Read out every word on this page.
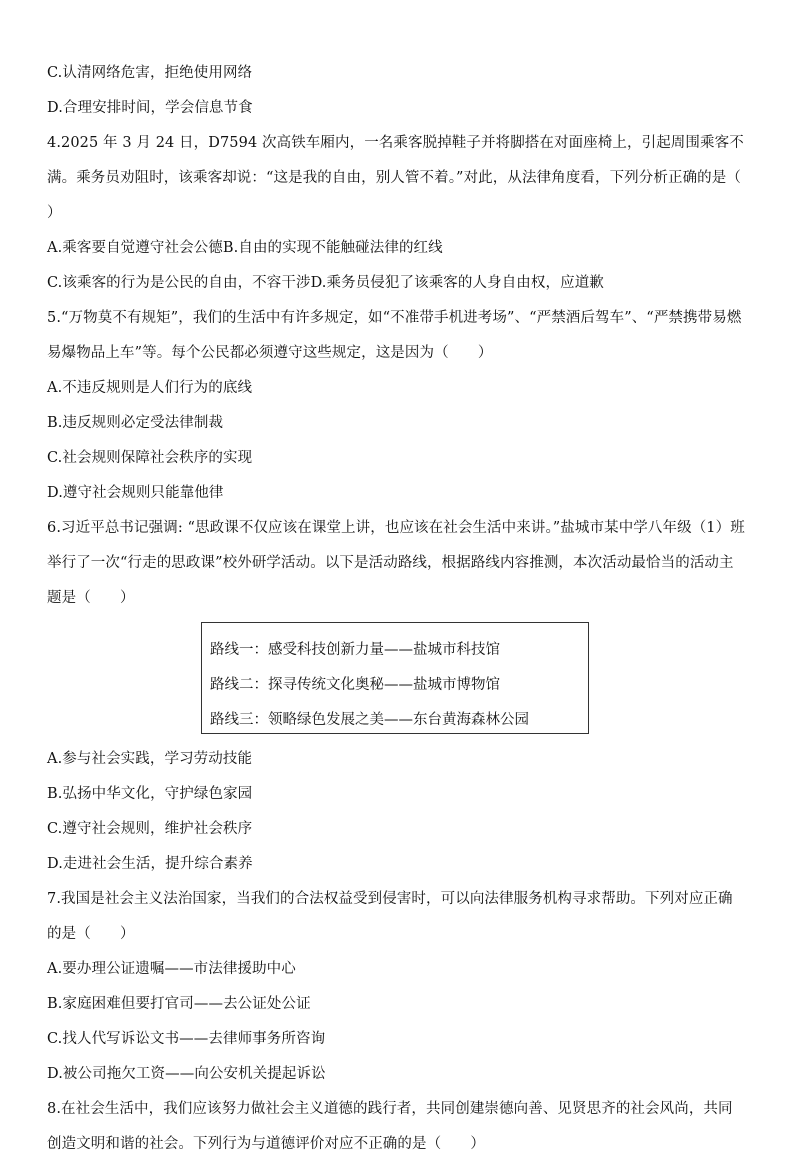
C.认清网络危害，拒绝使用网络

D.合理安排时间，学会信息节食

4.2025 年 3 月 24 日，D7594 次高铁车厢内，一名乘客脱掉鞋子并将脚搭在对面座椅上，引起周围乘客不满。乘务员劝阻时，该乘客却说：“这是我的自由，别人管不着。”对此，从法律角度看，下列分析正确的是（　　）

A.乘客要自觉遵守社会公德B.自由的实现不能触碰法律的红线

C.该乘客的行为是公民的自由，不容干涉D.乘务员侵犯了该乘客的人身自由权，应道歉

5.“万物莫不有规矩”，我们的生活中有许多规定，如“不准带手机进考场”、“严禁酒后驾车”、“严禁携带易燃易爆物品上车”等。每个公民都必须遵守这些规定，这是因为（　　）

A.不违反规则是人们行为的底线

B.违反规则必定受法律制裁

C.社会规则保障社会秩序的实现

D.遵守社会规则只能靠他律

6.习近平总书记强调: “思政课不仅应该在课堂上讲，也应该在社会生活中来讲。”盐城市某中学八年级（1）班举行了一次“行走的思政课”校外研学活动。以下是活动路线，根据路线内容推测，本次活动最恰当的活动主题是（　　）

路线一：感受科技创新力量——盐城市科技馆
路线二：探寻传统文化奥秘——盐城市博物馆
路线三：领略绿色发展之美——东台黄海森林公园

A.参与社会实践，学习劳动技能

B.弘扬中华文化，守护绿色家园

C.遵守社会规则，维护社会秩序

D.走进社会生活，提升综合素养

7.我国是社会主义法治国家，当我们的合法权益受到侵害时，可以向法律服务机构寻求帮助。下列对应正确的是（　　）

A.要办理公证遗嘱——市法律援助中心

B.家庭困难但要打官司——去公证处公证

C.找人代写诉讼文书——去律师事务所咨询

D.被公司拖欠工资——向公安机关提起诉讼

8.在社会生活中，我们应该努力做社会主义道德的践行者，共同创建崇德向善、见贤思齐的社会风尚，共同创造文明和谐的社会。下列行为与道德评价对应不正确的是（　　）
